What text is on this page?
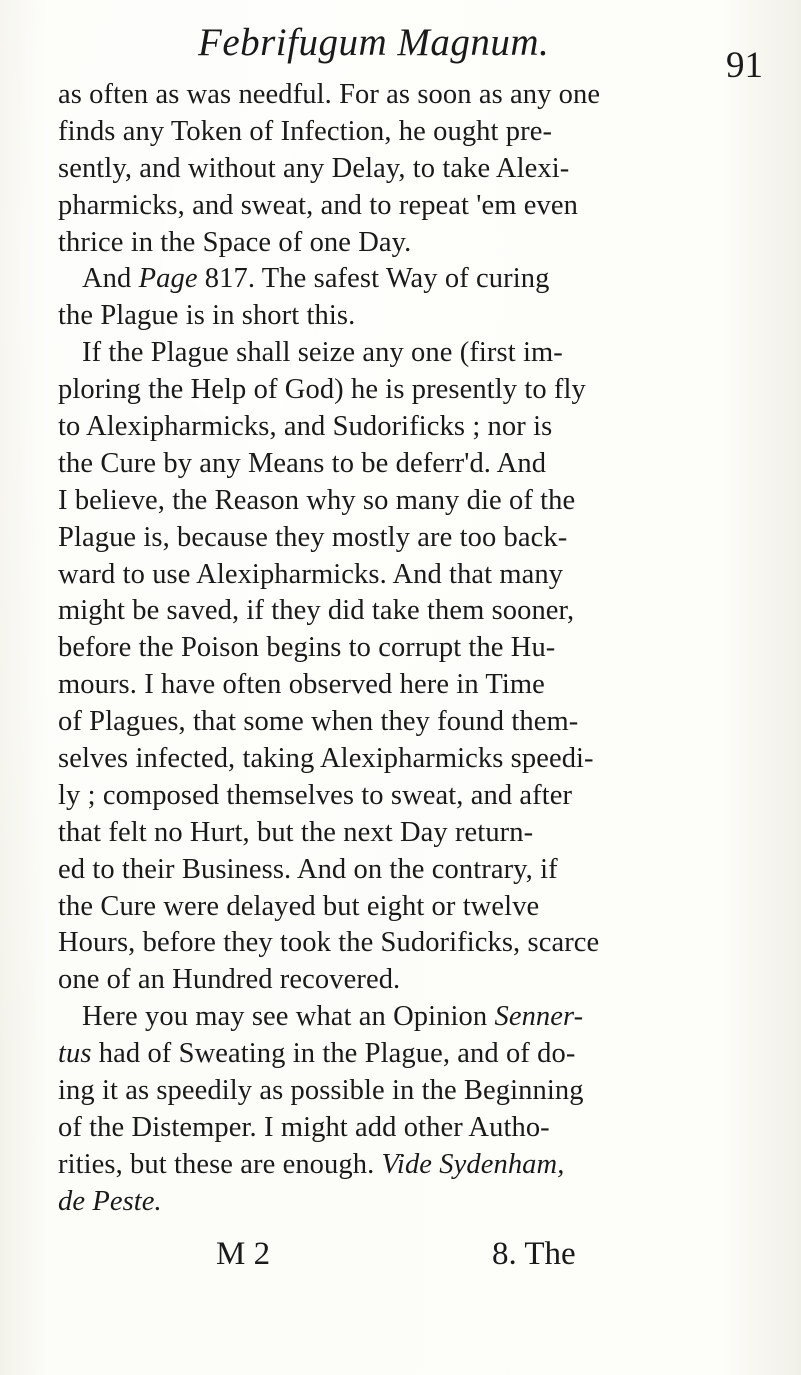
Febrifugum Magnum.
91
as often as was needful. For as soon as any one
finds any Token of Infection, he ought pre-
sently, and without any Delay, to take Alexi-
pharmicks, and sweat, and to repeat 'em even
thrice in the Space of one Day.
And Page 817. The safest Way of curing
the Plague is in short this.
If the Plague shall seize any one (first im-
ploring the Help of God) he is presently to fly
to Alexipharmicks, and Sudorificks ; nor is
the Cure by any Means to be deferr'd. And
I believe, the Reason why so many die of the
Plague is, because they mostly are too back-
ward to use Alexipharmicks. And that many
might be saved, if they did take them sooner,
before the Poison begins to corrupt the Hu-
mours. I have often observed here in Time
of Plagues, that some when they found them-
selves infected, taking Alexipharmicks speedi-
ly ; composed themselves to sweat, and after
that felt no Hurt, but the next Day return-
ed to their Business. And on the contrary, if
the Cure were delayed but eight or twelve
Hours, before they took the Sudorificks, scarce
one of an Hundred recovered.
Here you may see what an Opinion Senner-
tus had of Sweating in the Plague, and of do-
ing it as speedily as possible in the Beginning
of the Distemper. I might add other Autho-
rities, but these are enough. Vide Sydenham,
de Peste.
M 2	8. The
